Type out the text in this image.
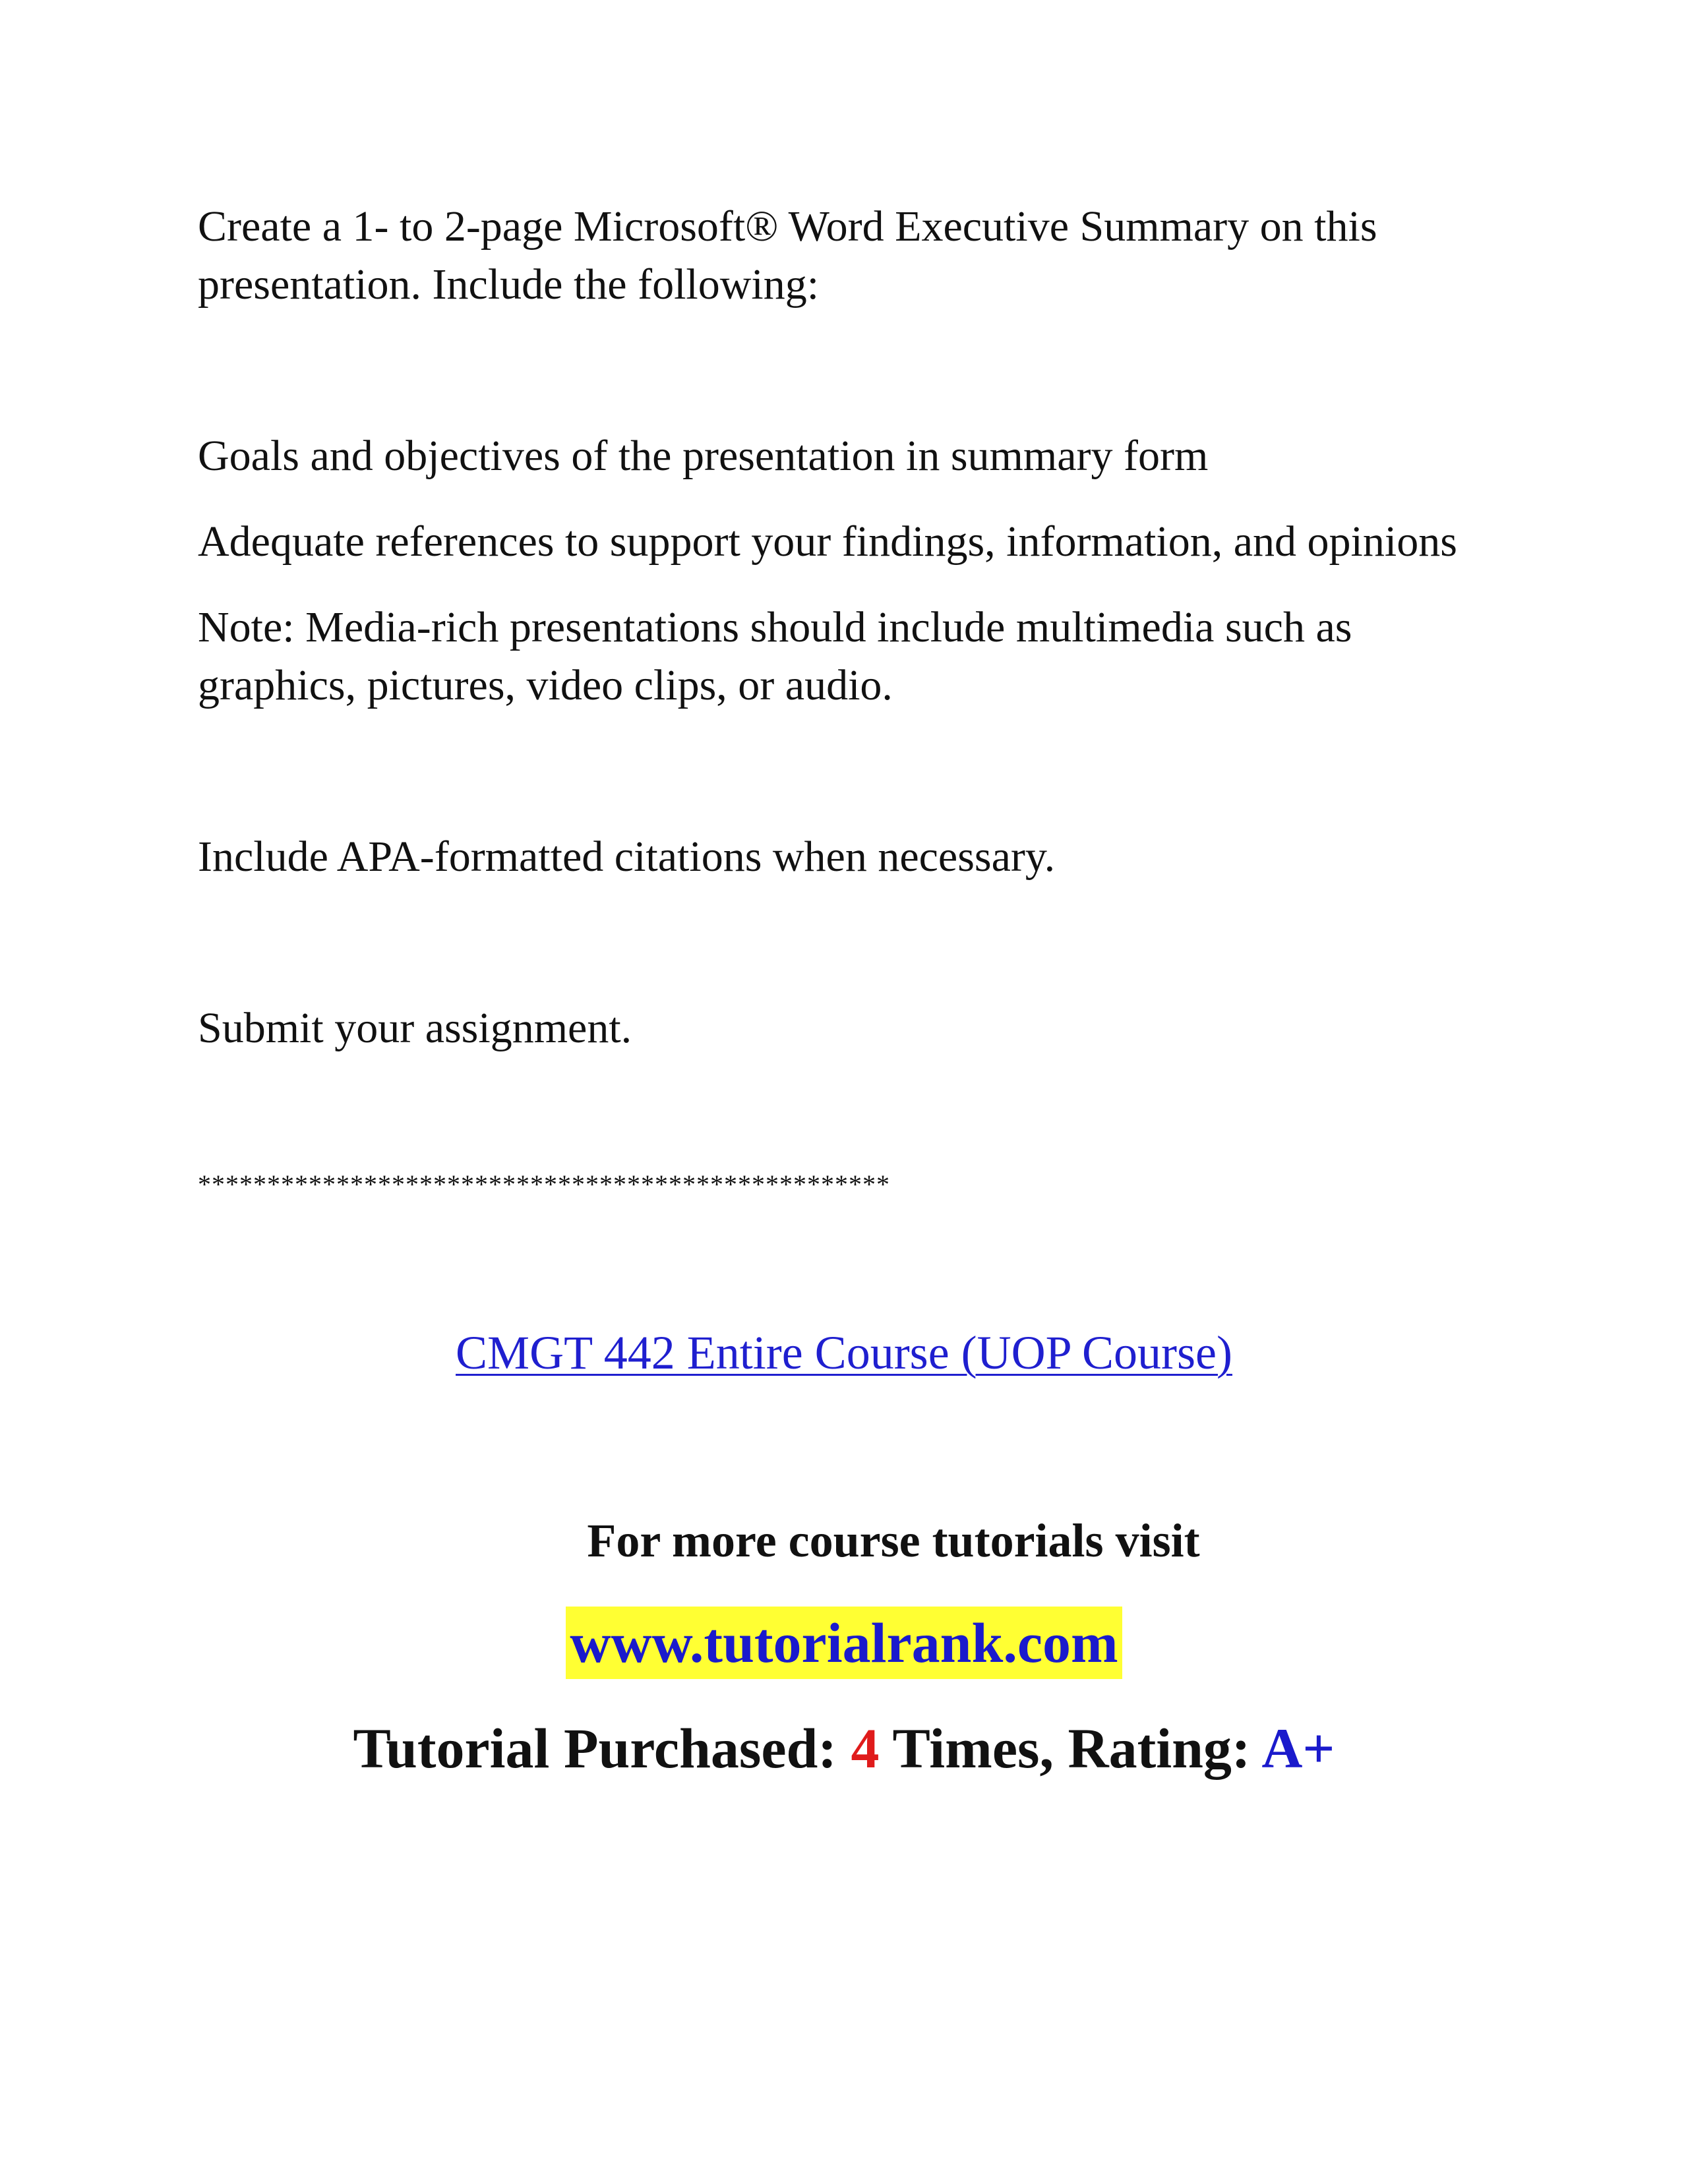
Create a 1- to 2-page Microsoft® Word Executive Summary on this presentation. Include the following:

Goals and objectives of the presentation in summary form

Adequate references to support your findings, information, and opinions

Note: Media-rich presentations should include multimedia such as graphics, pictures, video clips, or audio.

Include APA-formatted citations when necessary.

Submit your assignment.

**************************************************

CMGT 442 Entire Course (UOP Course)
For more course tutorials visit
www.tutorialrank.com
Tutorial Purchased: 4 Times, Rating: A+
